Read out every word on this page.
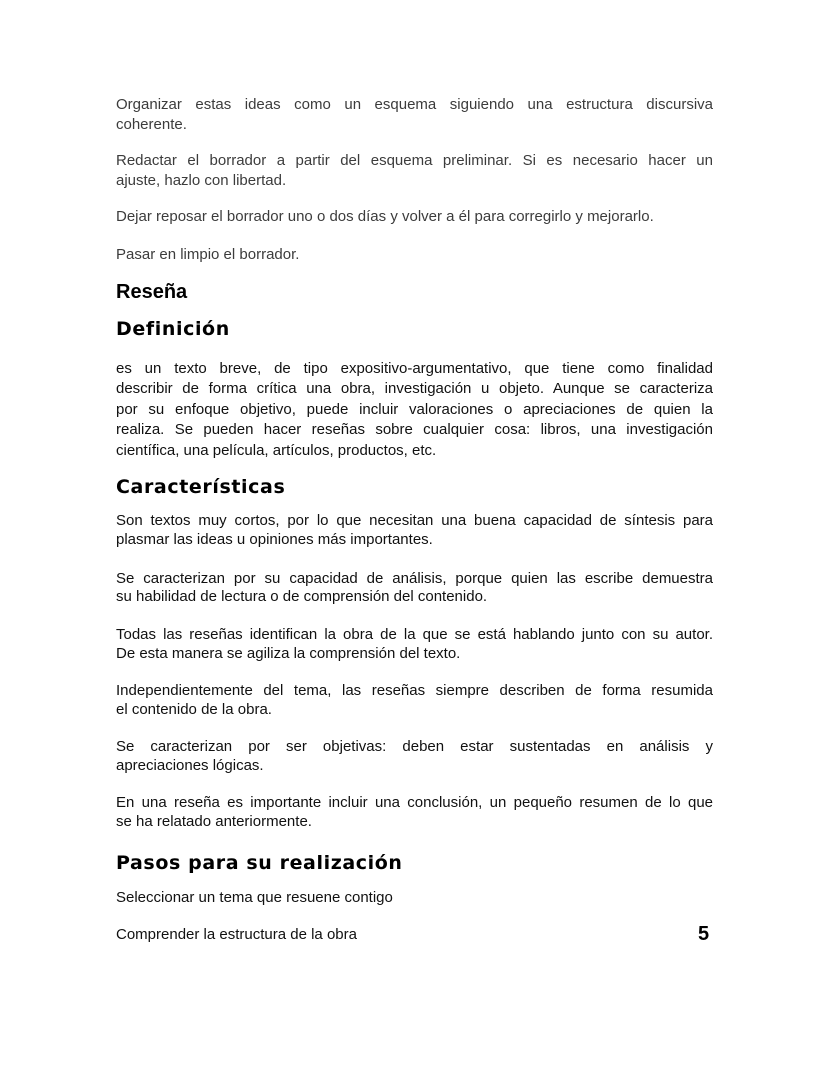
Organizar estas ideas como un esquema siguiendo una estructura discursiva
coherente.
Redactar el borrador a partir del esquema preliminar. Si es necesario hacer un
ajuste, hazlo con libertad.
Dejar reposar el borrador uno o dos días y volver a él para corregirlo y mejorarlo.
Pasar en limpio el borrador.
Reseña
Definición
es un texto breve, de tipo expositivo-argumentativo, que tiene como finalidad
describir de forma crítica una obra, investigación u objeto. Aunque se caracteriza
por su enfoque objetivo, puede incluir valoraciones o apreciaciones de quien la
realiza. Se pueden hacer reseñas sobre cualquier cosa: libros, una investigación
científica, una película, artículos, productos, etc.
Características
Son textos muy cortos, por lo que necesitan una buena capacidad de síntesis para
plasmar las ideas u opiniones más importantes.
Se caracterizan por su capacidad de análisis, porque quien las escribe demuestra
su habilidad de lectura o de comprensión del contenido.
Todas las reseñas identifican la obra de la que se está hablando junto con su autor.
De esta manera se agiliza la comprensión del texto.
Independientemente del tema, las reseñas siempre describen de forma resumida
el contenido de la obra.
Se caracterizan por ser objetivas: deben estar sustentadas en análisis y
apreciaciones lógicas.
En una reseña es importante incluir una conclusión, un pequeño resumen de lo que
se ha relatado anteriormente.
Pasos para su realización
Seleccionar un tema que resuene contigo
Comprender la estructura de la obra	5
